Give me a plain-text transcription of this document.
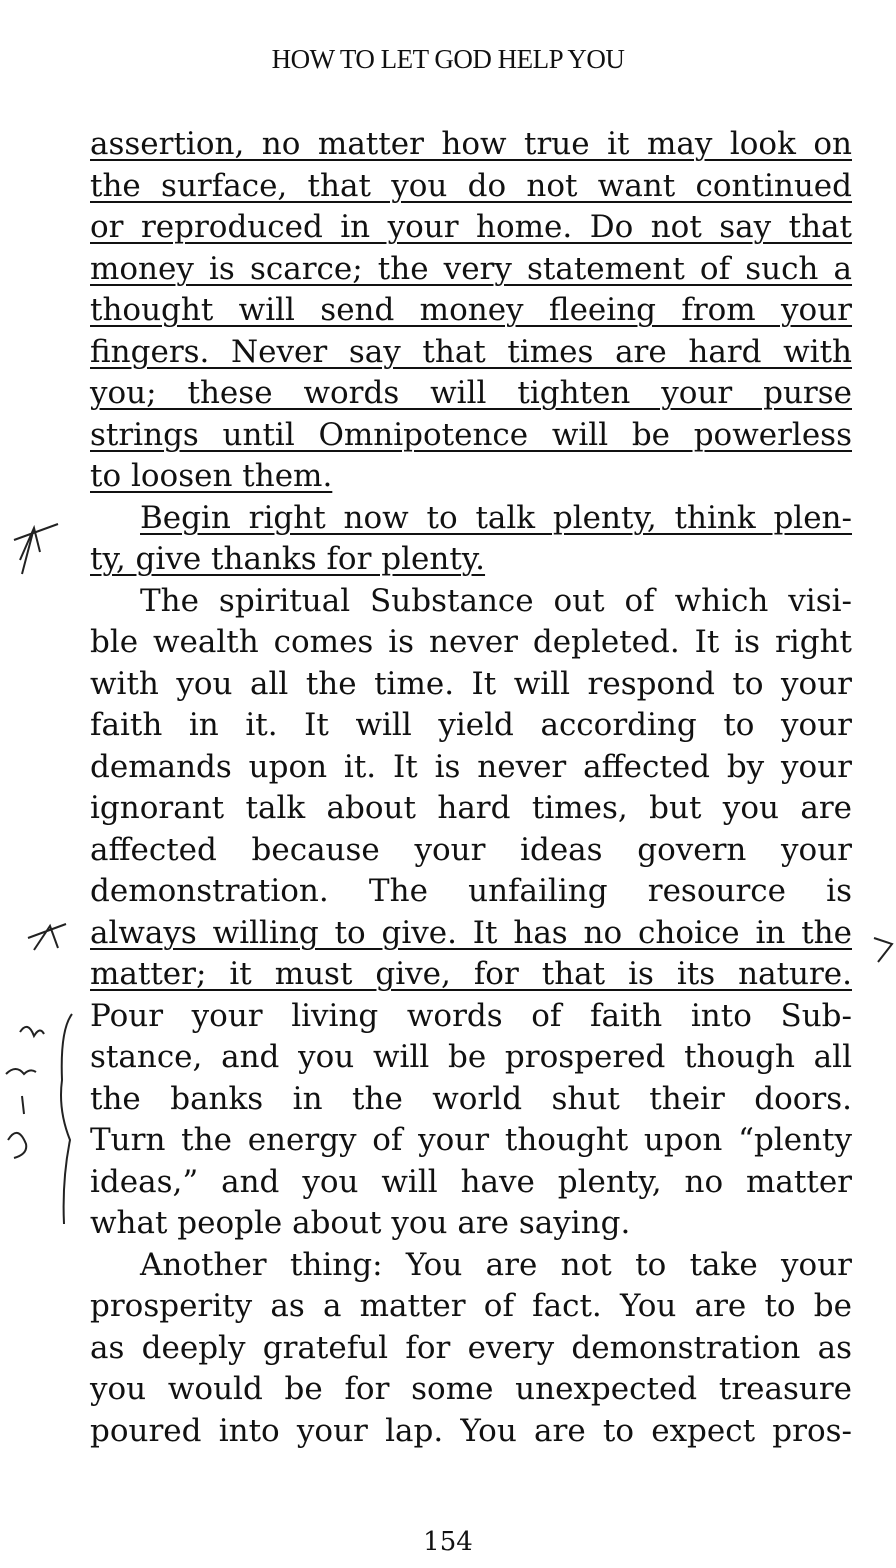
HOW TO LET GOD HELP YOU
assertion, no matter how true it may look on
the surface, that you do not want continued
or reproduced in your home. Do not say that
money is scarce; the very statement of such a
thought will send money fleeing from your
fingers. Never say that times are hard with
you; these words will tighten your purse
strings until Omnipotence will be powerless
to loosen them.
Begin right now to talk plenty, think plen-
ty, give thanks for plenty.
The spiritual Substance out of which visi-
ble wealth comes is never depleted. It is right
with you all the time. It will respond to your
faith in it. It will yield according to your
demands upon it. It is never affected by your
ignorant talk about hard times, but you are
affected because your ideas govern your
demonstration. The unfailing resource is
always willing to give. It has no choice in the
matter; it must give, for that is its nature.
Pour your living words of faith into Sub-
stance, and you will be prospered though all
the banks in the world shut their doors.
Turn the energy of your thought upon “plenty
ideas,” and you will have plenty, no matter
what people about you are saying.
Another thing: You are not to take your
prosperity as a matter of fact. You are to be
as deeply grateful for every demonstration as
you would be for some unexpected treasure
poured into your lap. You are to expect pros-
154
